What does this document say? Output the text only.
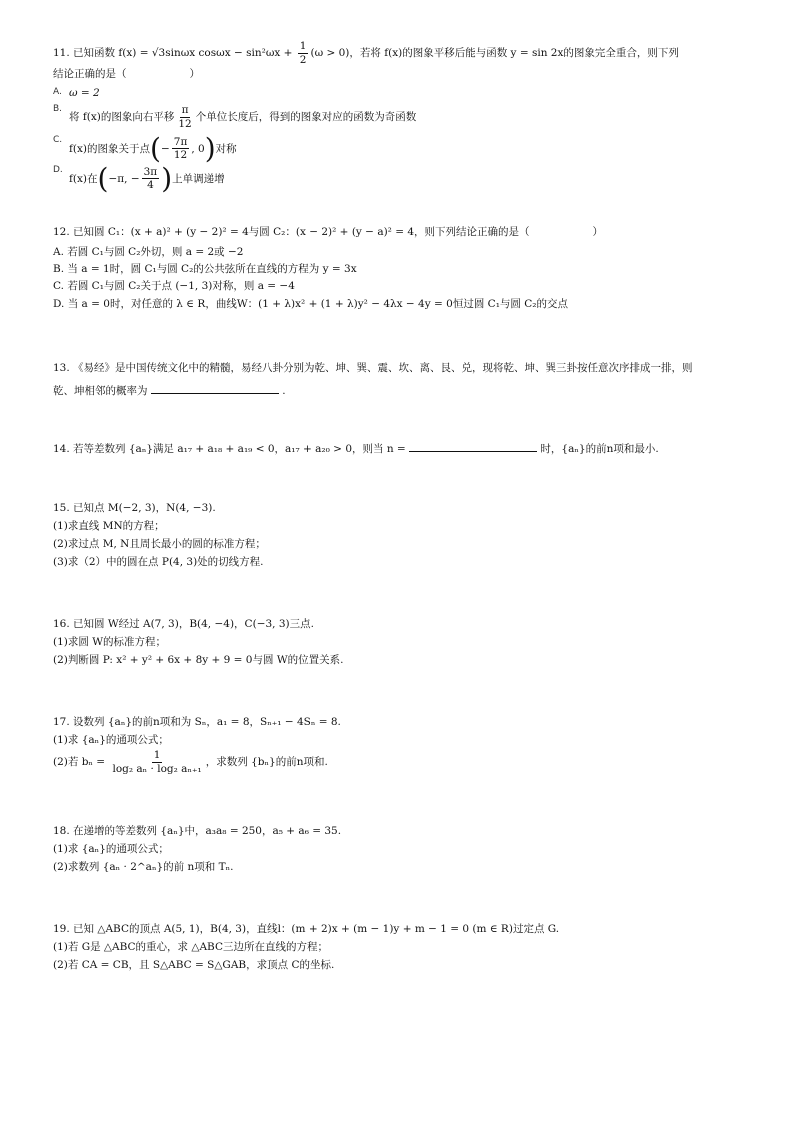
11. 已知函数 f(x) = √3sinωx $\cos\omega x - \sin^2\omega x + \frac{1}{2} (\omega > 0)$，若将 f(x)的图象平移后能与函数 y = sin 2x的图象完全重合，则下列
结论正确的是（　　　　　　）
A. ω = 2
B.将 f(x)的图象向右平移 $\frac{\pi}{12}$ 个单位长度后，得到的图象对应的函数为奇函数
C.f(x)的图象关于点(− $\frac{7\pi}{12}$ , 0)对称
D.f(x)在(−π, − $\frac{3\pi}{4}$ )上单调递增
12. 已知圆 C₁：(x + a)² + (y − 2)² = 4与圆 C₂：(x − 2)² + (y − a)² = 4，则下列结论正确的是（　　　　　　）
A. 若圆 C₁与圆 C₂外切，则 a = 2或 −2
B. 当 a = 1时，圆 C₁与圆 C₂的公共弦所在直线的方程为 y = 3x
C. 若圆 C₁与圆 C₂关于点 (−1, 3)对称，则 a = −4
D. 当 a = 0时，对任意的 λ ∈ R，曲线W：(1 + λ)x² + (1 + λ)y² − 4λx − 4y = 0恒过圆 C₁与圆 C₂的交点
13. 《易经》是中国传统文化中的精髓，易经八卦分别为乾、坤、巽、震、坎、离、艮、兑，现将乾、坤、巽三卦按任意次序排成一排，则
乾、坤相邻的概率为	.
14. 若等差数列 {aₙ}满足 a₁₇ + a₁₈ + a₁₉ < 0，a₁₇ + a₂₀ > 0，则当 n =	时，{aₙ}的前n项和最小.
15. 已知点 M(−2, 3)，N(4, −3).
(1)求直线 MN的方程；
(2)求过点 M, N且周长最小的圆的标准方程；
(3)求（2）中的圆在点 P(4, 3)处的切线方程.
16. 已知圆 W经过 A(7, 3)，B(4, −4)，C(−3, 3)三点.
(1)求圆 W的标准方程；
(2)判断圆 P: x² + y² + 6x + 8y + 9 = 0与圆 W的位置关系.
17. 设数列 {aₙ}的前n项和为 Sₙ，a₁ = 8，Sₙ₊₁ − 4Sₙ = 8.
(1)求 {aₙ}的通项公式；
(2)若 $b_n = \frac{1}{\text{log₂ aₙ · log₂ aₙ₊₁}}$ ，求数列 {bₙ}的前n项和.
18. 在递增的等差数列 {aₙ}中，a₃a₈ = 250，a₅ + a₆ = 35.
(1)求 {aₙ}的通项公式；
(2)求数列 {aₙ · 2^aₙ}的前 n项和 Tₙ.
19. 已知 △ABC的顶点 A(5, 1)，B(4, 3)，直线l：(m + 2)x + (m − 1)y + m − 1 = 0 (m ∈ R)过定点 G.
(1)若 G是 △ABC的重心，求 △ABC三边所在直线的方程；
(2)若 CA = CB，且 S△ABC = S△GAB，求顶点 C的坐标.
